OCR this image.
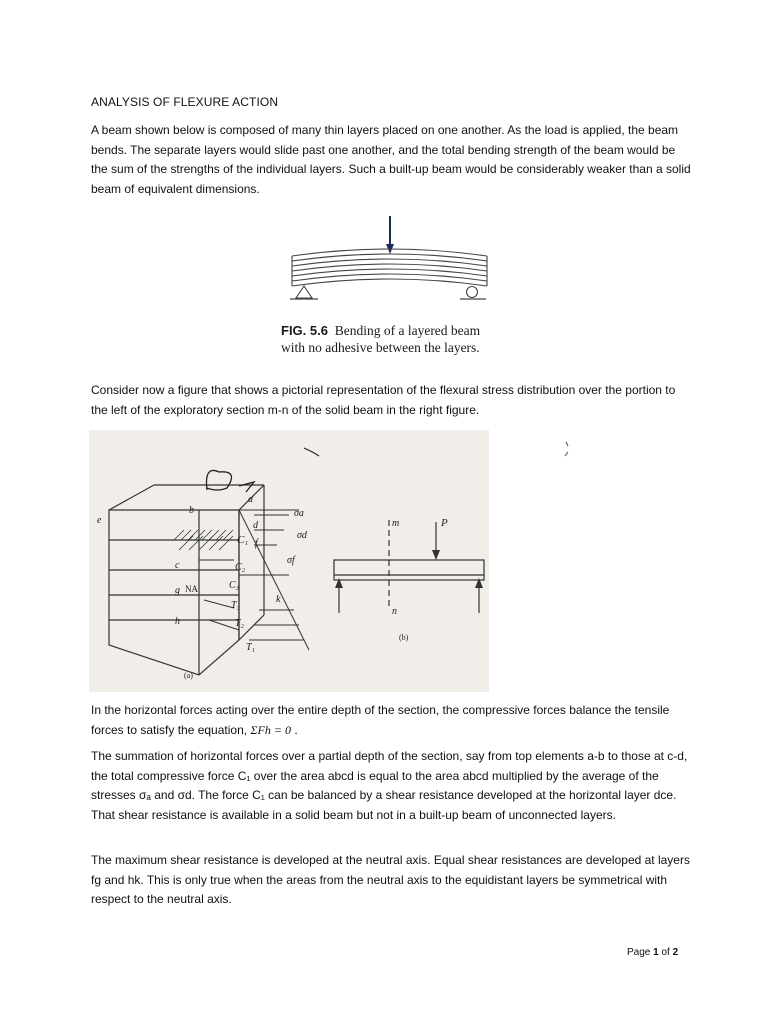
ANALYSIS OF FLEXURE ACTION

A beam shown below is composed of many thin layers placed on one another. As the load is applied, the beam bends. The separate layers would slide past one another, and the total bending strength of the beam would be the sum of the strengths of the individual layers. Such a built-up beam would be considerably weaker than a solid beam of equivalent dimensions.

FIG. 5.6 Bending of a layered beam with no adhesive between the layers.

Consider now a figure that shows a pictorial representation of the flexural stress distribution over the portion to the left of the exploratory section m-n of the solid beam in the right figure.

e
b
a
d
f
c
g NA
h
k
C₁
C₂
C₃
T₃
T₂
T₁
σa
σd
σf
(a)
m
n
P
(b)

In the horizontal forces acting over the entire depth of the section, the compressive forces balance the tensile forces to satisfy the equation, ΣFh = 0 .

The summation of horizontal forces over a partial depth of the section, say from top elements a-b to those at c-d, the total compressive force C₁ over the area abcd is equal to the area abcd multiplied by the average of the stresses σₐ and σd. The force C₁ can be balanced by a shear resistance developed at the horizontal layer dce. That shear resistance is available in a solid beam but not in a built-up beam of unconnected layers.

The maximum shear resistance is developed at the neutral axis. Equal shear resistances are developed at layers fg and hk. This is only true when the areas from the neutral axis to the equidistant layers be symmetrical with respect to the neutral axis.

Page 1 of 2
